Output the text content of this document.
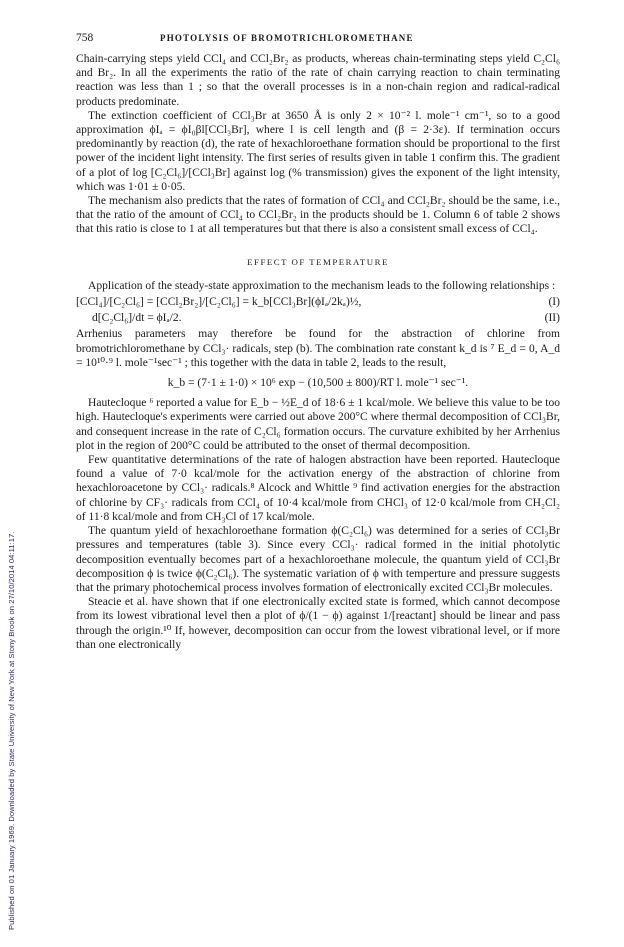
Published on 01 January 1969. Downloaded by State University of New York at Stony Brook on 27/10/2014 04:11:17.
758	PHOTOLYSIS OF BROMOTRICHLOROMETHANE

Chain-carrying steps yield CCl₄ and CCl₂Br₂ as products, whereas chain-terminating steps yield C₂Cl₆ and Br₂. In all the experiments the ratio of the rate of chain carrying reaction to chain terminating reaction was less than 1 ; so that the overall processes is in a non-chain region and radical-radical products predominate.

The extinction coefficient of CCl₃Br at 3650 Å is only 2 × 10⁻² l. mole⁻¹ cm⁻¹, so to a good approximation ϕIₐ = ϕI₀βl[CCl₃Br], where l is cell length and (β = 2·3ε). If termination occurs predominantly by reaction (d), the rate of hexachloroethane formation should be proportional to the first power of the incident light intensity. The first series of results given in table 1 confirm this. The gradient of a plot of log [C₂Cl₆]/[CCl₃Br] against log (% transmission) gives the exponent of the light intensity, which was 1·01 ± 0·05.

The mechanism also predicts that the rates of formation of CCl₄ and CCl₂Br₂ should be the same, i.e., that the ratio of the amount of CCl₄ to CCl₂Br₂ in the products should be 1. Column 6 of table 2 shows that this ratio is close to 1 at all temperatures but that there is also a consistent small excess of CCl₄.

EFFECT OF TEMPERATURE

Application of the steady-state approximation to the mechanism leads to the following relationships :

[CCl₄]/[C₂Cl₆] = [CCl₂Br₂]/[C₂Cl₆] = k_b[CCl₃Br](ϕIₐ/2kₐ)½,	(I)
d[C₂Cl₆]/dt = ϕIₐ/2.	(II)

Arrhenius parameters may therefore be found for the abstraction of chlorine from bromotrichloromethane by CCl₃· radicals, step (b). The combination rate constant k_d is ⁷ E_d = 0, A_d = 10¹⁰·⁹ l. mole⁻¹sec⁻¹ ; this together with the data in table 2, leads to the result,

k_b = (7·1 ± 1·0) × 10⁶ exp − (10,500 ± 800)/RT l. mole⁻¹ sec⁻¹.

Hautecloque ⁶ reported a value for E_b − ½E_d of 18·6 ± 1 kcal/mole. We believe this value to be too high. Hautecloque's experiments were carried out above 200°C where thermal decomposition of CCl₃Br, and consequent increase in the rate of C₂Cl₆ formation occurs. The curvature exhibited by her Arrhenius plot in the region of 200°C could be attributed to the onset of thermal decomposition.

Few quantitative determinations of the rate of halogen abstraction have been reported. Hautecloque found a value of 7·0 kcal/mole for the activation energy of the abstraction of chlorine from hexachloroacetone by CCl₃· radicals.⁸ Alcock and Whittle ⁹ find activation energies for the abstraction of chlorine by CF₃· radicals from CCl₄ of 10·4 kcal/mole from CHCl₃ of 12·0 kcal/mole from CH₂Cl₂ of 11·8 kcal/mole and from CH₃Cl of 17 kcal/mole.

The quantum yield of hexachloroethane formation ϕ(C₂Cl₆) was determined for a series of CCl₃Br pressures and temperatures (table 3). Since every CCl₃· radical formed in the initial photolytic decomposition eventually becomes part of a hexachloroethane molecule, the quantum yield of CCl₃Br decomposition ϕ is twice ϕ(C₂Cl₆). The systematic variation of ϕ with temperture and pressure suggests that the primary photochemical process involves formation of electronically excited CCl₃Br molecules.

Steacie et al. have shown that if one electronically excited state is formed, which cannot decompose from its lowest vibrational level then a plot of ϕ/(1 − ϕ) against 1/[reactant] should be linear and pass through the origin.¹⁰ If, however, decomposition can occur from the lowest vibrational level, or if more than one electronically
